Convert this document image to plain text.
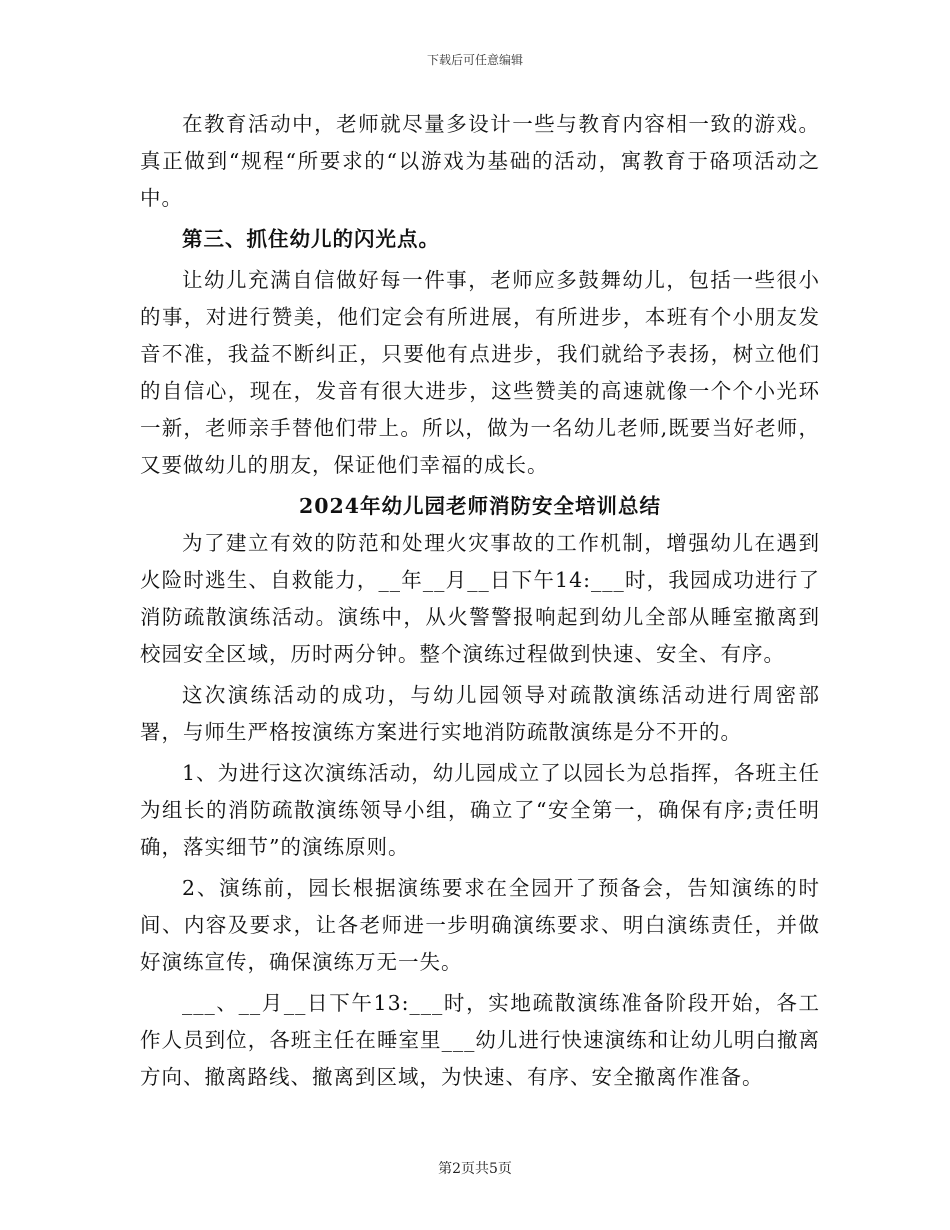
下载后可任意编辑

在教育活动中，老师就尽量多设计一些与教育内容相一致的游戏。真正做到“规程“所要求的“以游戏为基础的活动，寓教育于硌项活动之中。

第三、抓住幼儿的闪光点。

让幼儿充满自信做好每一件事，老师应多鼓舞幼儿，包括一些很小的事，对进行赞美，他们定会有所进展，有所进步，本班有个小朋友发音不准，我益不断纠正，只要他有点进步，我们就给予表扬，树立他们的自信心，现在，发音有很大进步，这些赞美的高速就像一个个小光环一新，老师亲手替他们带上。所以，做为一名幼儿老师,既要当好老师，又要做幼儿的朋友，保证他们幸福的成长。

2024年幼儿园老师消防安全培训总结

为了建立有效的防范和处理火灾事故的工作机制，增强幼儿在遇到火险时逃生、自救能力，__年__月__日下午14:___时，我园成功进行了消防疏散演练活动。演练中，从火警警报响起到幼儿全部从睡室撤离到校园安全区域，历时两分钟。整个演练过程做到快速、安全、有序。

这次演练活动的成功，与幼儿园领导对疏散演练活动进行周密部署，与师生严格按演练方案进行实地消防疏散演练是分不开的。

1、为进行这次演练活动，幼儿园成立了以园长为总指挥，各班主任为组长的消防疏散演练领导小组，确立了“安全第一，确保有序;责任明确，落实细节”的演练原则。

2、演练前，园长根据演练要求在全园开了预备会，告知演练的时间、内容及要求，让各老师进一步明确演练要求、明白演练责任，并做好演练宣传，确保演练万无一失。

___、__月__日下午13:___时，实地疏散演练准备阶段开始，各工作人员到位，各班主任在睡室里___幼儿进行快速演练和让幼儿明白撤离方向、撤离路线、撤离到区域，为快速、有序、安全撤离作准备。

第2页共5页
